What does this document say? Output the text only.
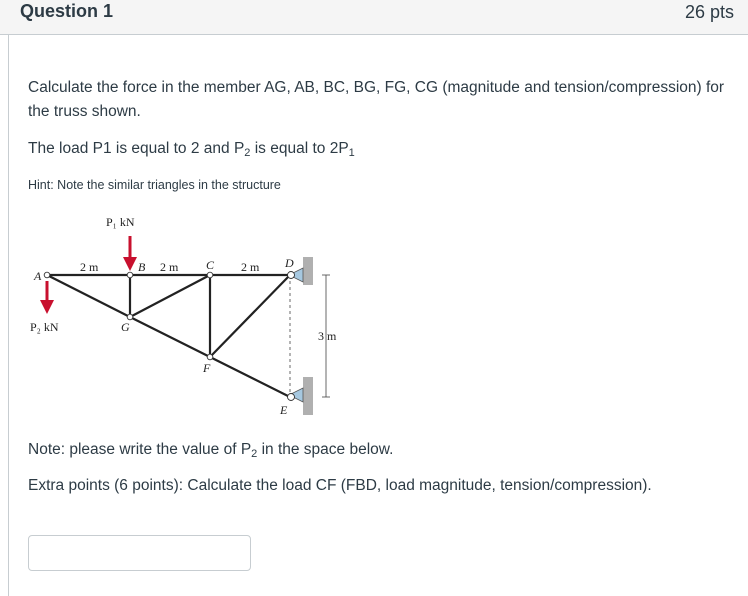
Question 1	26 pts
Calculate the force in the member AG, AB, BC, BG, FG, CG (magnitude and tension/compression) for
the truss shown.
The load P1 is equal to 2 and $P_2$ is equal to $2P_1$
Hint: Note the similar triangles in the structure
P₁ kN
P₂ kN
A
B	C	D
E
F
G
2 m	2 m	2 m
3 m
Note: please write the value of $P_2$ in the space below.
Extra points (6 points): Calculate the load CF (FBD, load magnitude, tension/compression).
